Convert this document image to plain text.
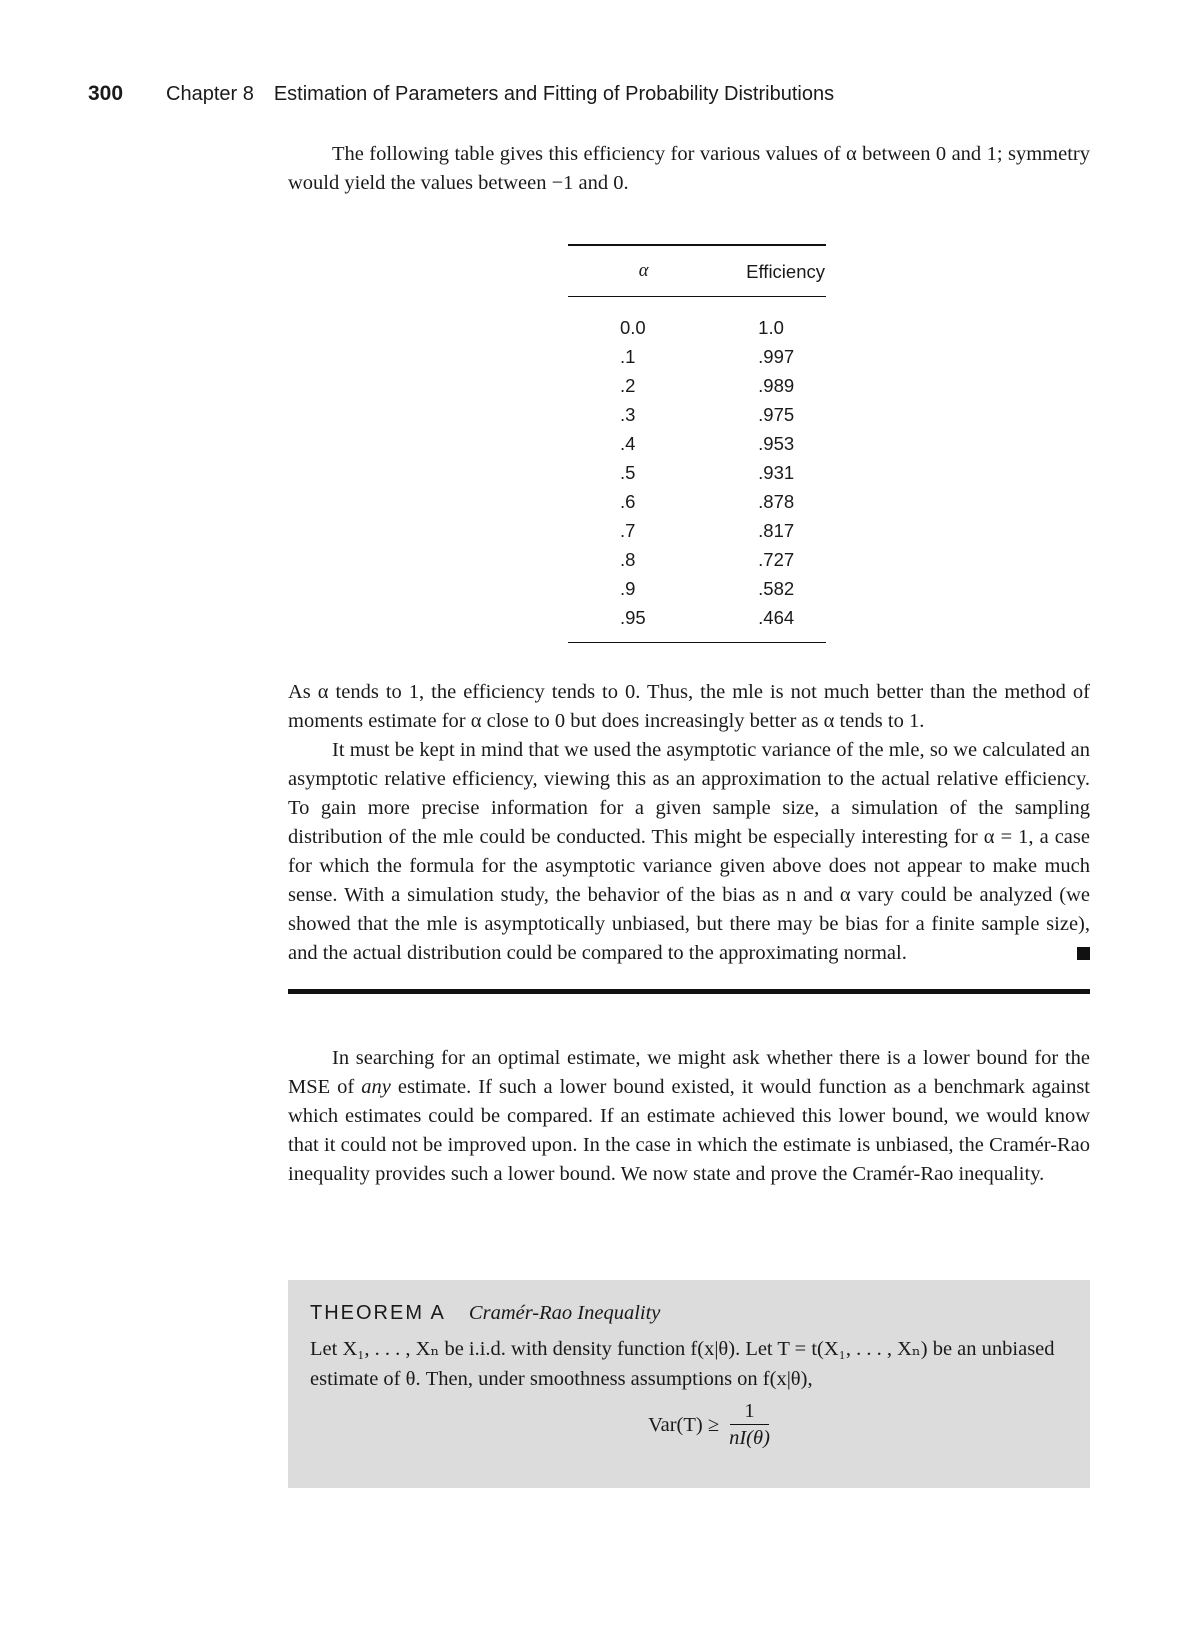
300	Chapter 8 Estimation of Parameters and Fitting of Probability Distributions

The following table gives this efficiency for various values of α between 0 and 1; symmetry would yield the values between −1 and 0.

α	Efficiency
0.0	1.0
.1	.997
.2	.989
.3	.975
.4	.953
.5	.931
.6	.878
.7	.817
.8	.727
.9	.582
.95	.464

As α tends to 1, the efficiency tends to 0. Thus, the mle is not much better than the method of moments estimate for α close to 0 but does increasingly better as α tends to 1.

It must be kept in mind that we used the asymptotic variance of the mle, so we calculated an asymptotic relative efficiency, viewing this as an approximation to the actual relative efficiency. To gain more precise information for a given sample size, a simulation of the sampling distribution of the mle could be conducted. This might be especially interesting for α = 1, a case for which the formula for the asymptotic variance given above does not appear to make much sense. With a simulation study, the behavior of the bias as n and α vary could be analyzed (we showed that the mle is asymptotically unbiased, but there may be bias for a finite sample size), and the actual distribution could be compared to the approximating normal.

In searching for an optimal estimate, we might ask whether there is a lower bound for the MSE of any estimate. If such a lower bound existed, it would function as a benchmark against which estimates could be compared. If an estimate achieved this lower bound, we would know that it could not be improved upon. In the case in which the estimate is unbiased, the Cramér-Rao inequality provides such a lower bound. We now state and prove the Cramér-Rao inequality.

THEOREM A Cramér-Rao Inequality

Let X₁, . . . , Xₙ be i.i.d. with density function f(x|θ). Let T = t(X₁, . . . , Xₙ) be an unbiased estimate of θ. Then, under smoothness assumptions on f(x|θ),

$Var(T) \ge \frac{1}{nI(\theta)}$
